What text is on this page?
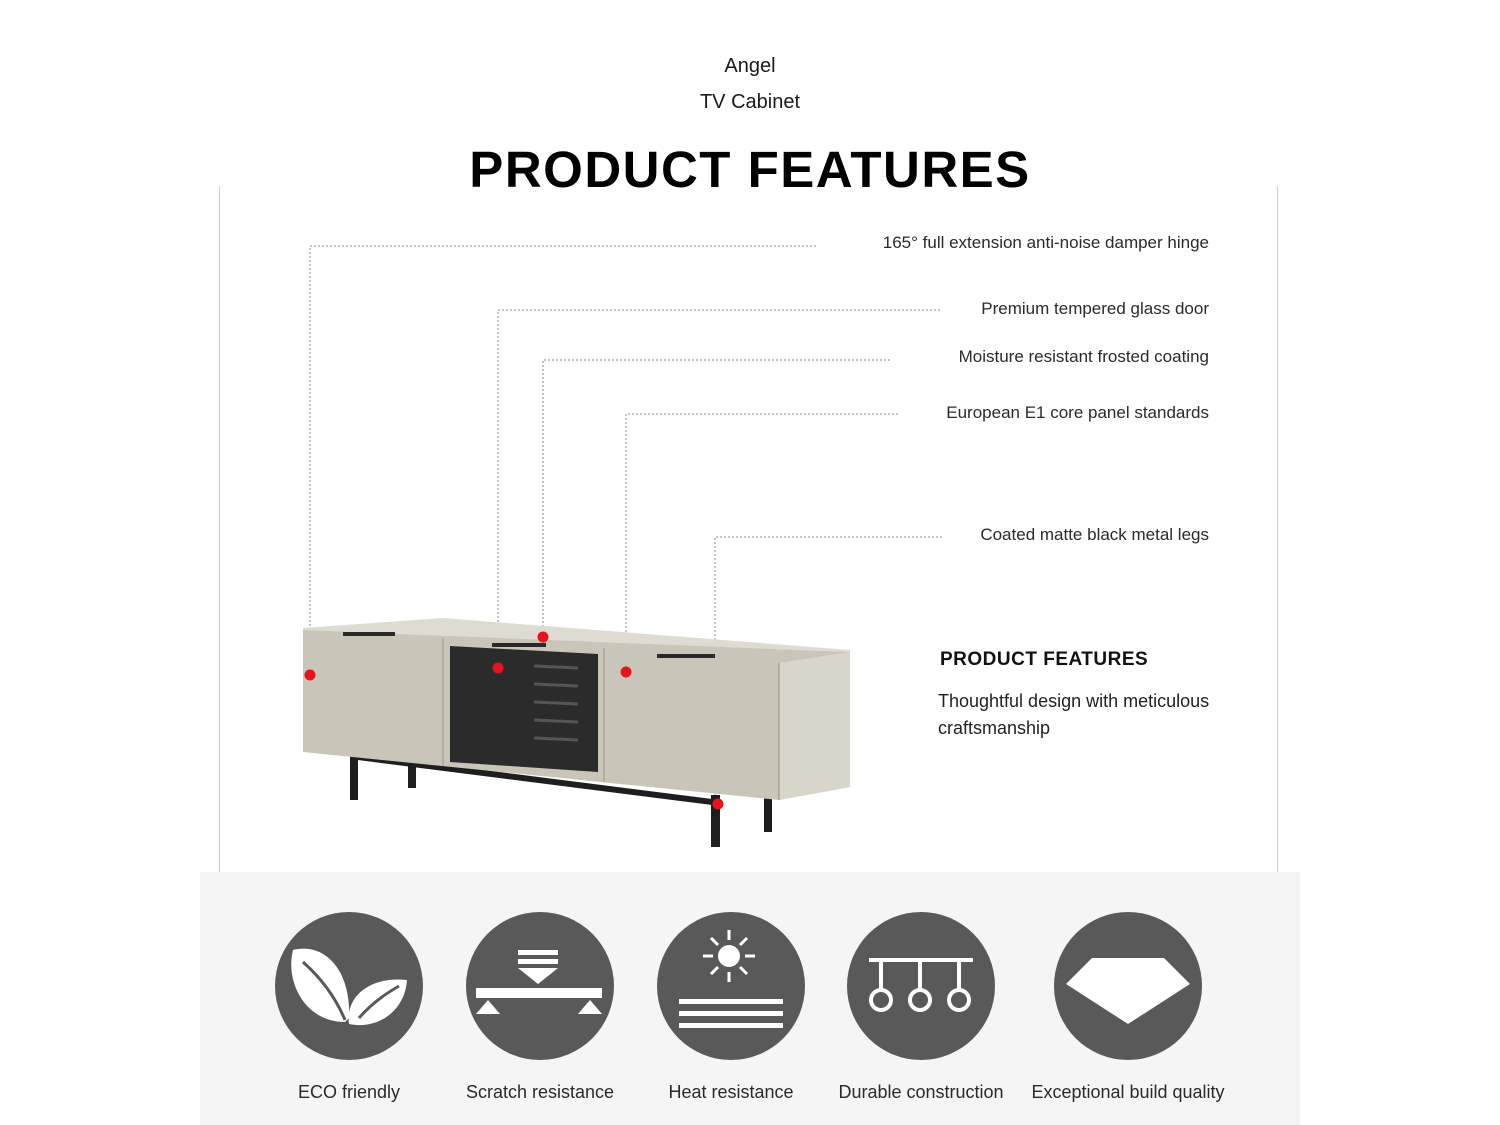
Angel
TV Cabinet
PRODUCT FEATURES
165° full extension anti-noise damper hinge
Premium tempered glass door
Moisture resistant frosted coating
European E1 core panel standards
Coated matte black metal legs
PRODUCT FEATURES
Thoughtful design with meticulous craftsmanship
ECO friendly	Scratch resistance	Heat resistance	Durable construction	Exceptional build quality
